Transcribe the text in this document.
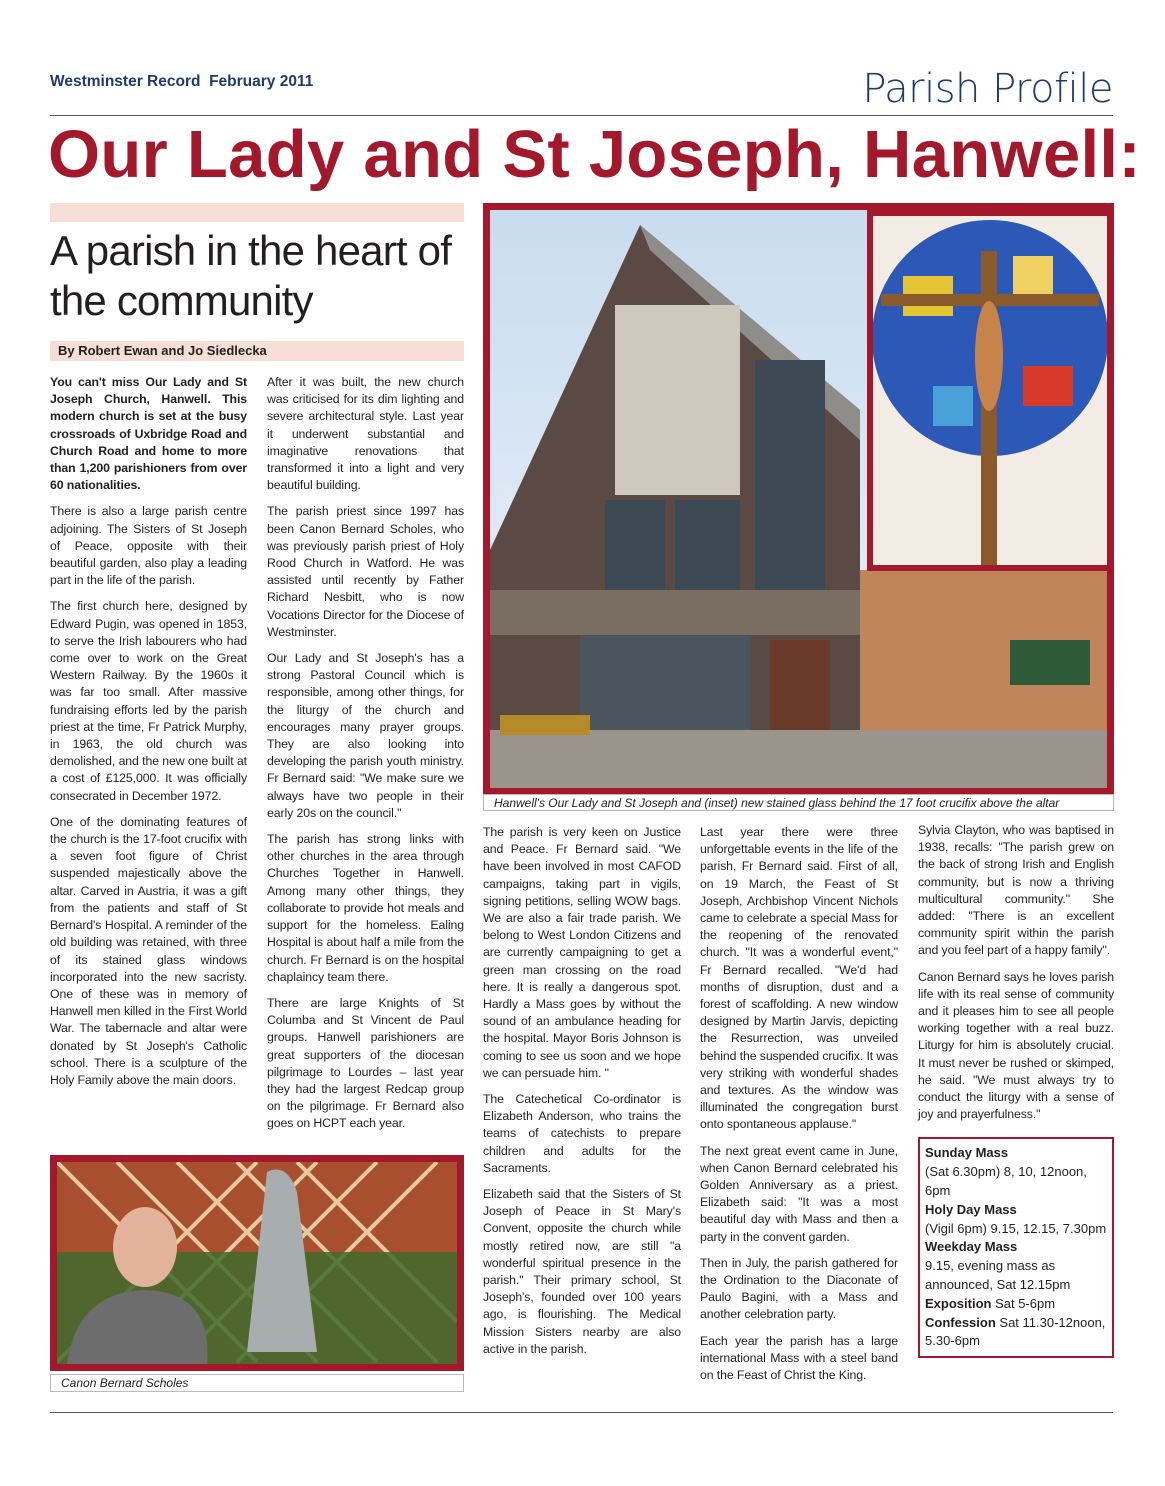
Westminster Record  February 2011	Parish Profile
Our Lady and St Joseph, Hanwell:
A parish in the heart of the community
By Robert Ewan and Jo Siedlecka

You can't miss Our Lady and St Joseph Church, Hanwell. This modern church is set at the busy crossroads of Uxbridge Road and Church Road and home to more than 1,200 parishioners from over 60 nationalities.

There is also a large parish centre adjoining. The Sisters of St Joseph of Peace, opposite with their beautiful garden, also play a leading part in the life of the parish.

The first church here, designed by Edward Pugin, was opened in 1853, to serve the Irish labourers who had come over to work on the Great Western Railway. By the 1960s it was far too small. After massive fundraising efforts led by the parish priest at the time, Fr Patrick Murphy, in 1963, the old church was demolished, and the new one built at a cost of £125,000. It was officially consecrated in December 1972.

One of the dominating features of the church is the 17-foot crucifix with a seven foot figure of Christ suspended majestically above the altar. Carved in Austria, it was a gift from the patients and staff of St Bernard's Hospital. A reminder of the old building was retained, with three of its stained glass windows incorporated into the new sacristy. One of these was in memory of Hanwell men killed in the First World War. The tabernacle and altar were donated by St Joseph's Catholic school. There is a sculpture of the Holy Family above the main doors.

After it was built, the new church was criticised for its dim lighting and severe architectural style. Last year it underwent substantial and imaginative renovations that transformed it into a light and very beautiful building.

The parish priest since 1997 has been Canon Bernard Scholes, who was previously parish priest of Holy Rood Church in Watford. He was assisted until recently by Father Richard Nesbitt, who is now Vocations Director for the Diocese of Westminster.

Our Lady and St Joseph's has a strong Pastoral Council which is responsible, among other things, for the liturgy of the church and encourages many prayer groups. They are also looking into developing the parish youth ministry. Fr Bernard said: "We make sure we always have two people in their early 20s on the council."

The parish has strong links with other churches in the area through Churches Together in Hanwell. Among many other things, they collaborate to provide hot meals and support for the homeless. Ealing Hospital is about half a mile from the church. Fr Bernard is on the hospital chaplaincy team there.

There are large Knights of St Columba and St Vincent de Paul groups. Hanwell parishioners are great supporters of the diocesan pilgrimage to Lourdes – last year they had the largest Redcap group on the pilgrimage. Fr Bernard also goes on HCPT each year.

The parish is very keen on Justice and Peace. Fr Bernard said. "We have been involved in most CAFOD campaigns, taking part in vigils, signing petitions, selling WOW bags. We are also a fair trade parish. We belong to West London Citizens and are currently campaigning to get a green man crossing on the road here. It is really a dangerous spot. Hardly a Mass goes by without the sound of an ambulance heading for the hospital. Mayor Boris Johnson is coming to see us soon and we hope we can persuade him. "

The Catechetical Co-ordinator is Elizabeth Anderson, who trains the teams of catechists to prepare children and adults for the Sacraments.

Elizabeth said that the Sisters of St Joseph of Peace in St Mary's Convent, opposite the church while mostly retired now, are still "a wonderful spiritual presence in the parish." Their primary school, St Joseph's, founded over 100 years ago, is flourishing. The Medical Mission Sisters nearby are also active in the parish.

Last year there were three unforgettable events in the life of the parish, Fr Bernard said. First of all, on 19 March, the Feast of St Joseph, Archbishop Vincent Nichols came to celebrate a special Mass for the reopening of the renovated church. "It was a wonderful event," Fr Bernard recalled. "We'd had months of disruption, dust and a forest of scaffolding. A new window designed by Martin Jarvis, depicting the Resurrection, was unveiled behind the suspended crucifix. It was very striking with wonderful shades and textures. As the window was illuminated the congregation burst onto spontaneous applause."

The next great event came in June, when Canon Bernard celebrated his Golden Anniversary as a priest. Elizabeth said: "It was a most beautiful day with Mass and then a party in the convent garden.

Then in July, the parish gathered for the Ordination to the Diaconate of Paulo Bagini, with a Mass and another celebration party.

Each year the parish has a large international Mass with a steel band on the Feast of Christ the King.

Sylvia Clayton, who was baptised in 1938, recalls: "The parish grew on the back of strong Irish and English community, but is now a thriving multicultural community." She added: "There is an excellent community spirit within the parish and you feel part of a happy family".

Canon Bernard says he loves parish life with its real sense of community and it pleases him to see all people working together with a real buzz. Liturgy for him is absolutely crucial. It must never be rushed or skimped, he said. "We must always try to conduct the liturgy with a sense of joy and prayerfulness."

Sunday Mass
(Sat 6.30pm) 8, 10, 12noon, 6pm
Holy Day Mass
(Vigil 6pm) 9.15, 12.15, 7.30pm
Weekday Mass
9.15, evening mass as announced, Sat 12.15pm
Exposition Sat 5-6pm
Confession Sat 11.30-12noon, 5.30-6pm
Hanwell's Our Lady and St Joseph and (inset) new stained glass behind the 17 foot crucifix above the altar
Canon Bernard Scholes
